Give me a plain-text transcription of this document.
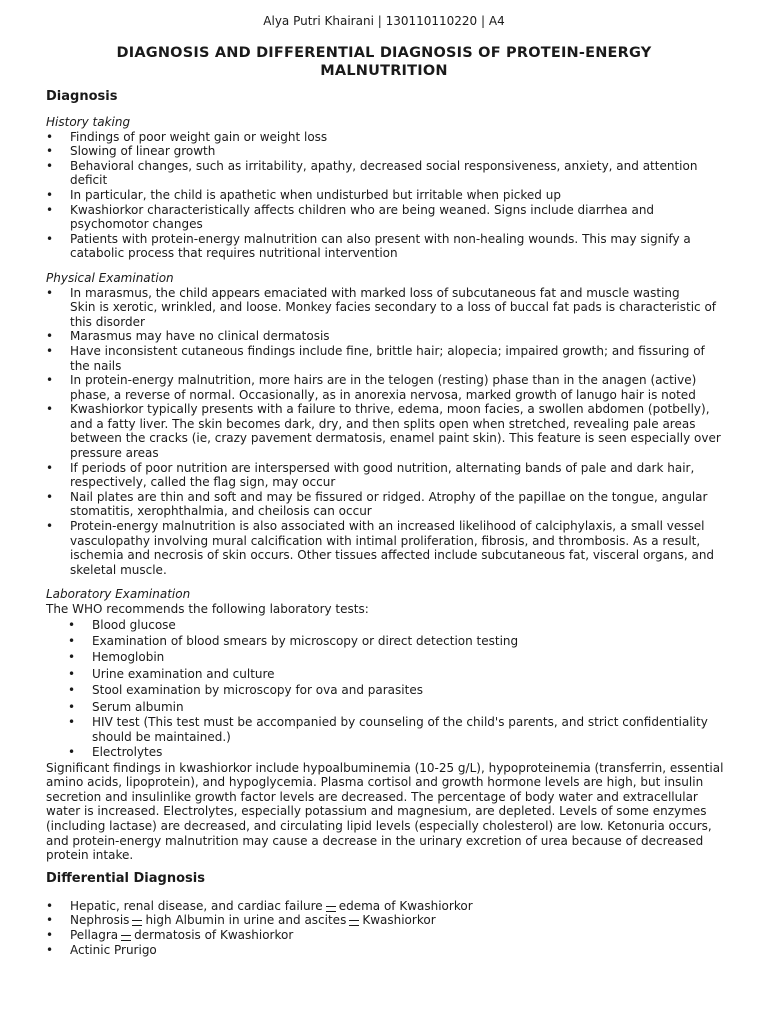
Alya Putri Khairani | 130110110220 | A4
DIAGNOSIS AND DIFFERENTIAL DIAGNOSIS OF PROTEIN-ENERGY
MALNUTRITION
Diagnosis
History taking
• Findings of poor weight gain or weight loss
• Slowing of linear growth
• Behavioral changes, such as irritability, apathy, decreased social responsiveness, anxiety, and attention deficit
• In particular, the child is apathetic when undisturbed but irritable when picked up
• Kwashiorkor characteristically affects children who are being weaned. Signs include diarrhea and psychomotor changes
• Patients with protein-energy malnutrition can also present with non-healing wounds. This may signify a catabolic process that requires nutritional intervention
Physical Examination
• In marasmus, the child appears emaciated with marked loss of subcutaneous fat and muscle wasting
Skin is xerotic, wrinkled, and loose. Monkey facies secondary to a loss of buccal fat pads is characteristic of this disorder
• Marasmus may have no clinical dermatosis
• Have inconsistent cutaneous findings include fine, brittle hair; alopecia; impaired growth; and fissuring of the nails
• In protein-energy malnutrition, more hairs are in the telogen (resting) phase than in the anagen (active) phase, a reverse of normal. Occasionally, as in anorexia nervosa, marked growth of lanugo hair is noted
• Kwashiorkor typically presents with a failure to thrive, edema, moon facies, a swollen abdomen (potbelly), and a fatty liver. The skin becomes dark, dry, and then splits open when stretched, revealing pale areas between the cracks (ie, crazy pavement dermatosis, enamel paint skin). This feature is seen especially over pressure areas
• If periods of poor nutrition are interspersed with good nutrition, alternating bands of pale and dark hair, respectively, called the flag sign, may occur
• Nail plates are thin and soft and may be fissured or ridged. Atrophy of the papillae on the tongue, angular stomatitis, xerophthalmia, and cheilosis can occur
• Protein-energy malnutrition is also associated with an increased likelihood of calciphylaxis, a small vessel vasculopathy involving mural calcification with intimal proliferation, fibrosis, and thrombosis. As a result, ischemia and necrosis of skin occurs. Other tissues affected include subcutaneous fat, visceral organs, and skeletal muscle.
Laboratory Examination

The WHO recommends the following laboratory tests:

• Blood glucose
• Examination of blood smears by microscopy or direct detection testing
• Hemoglobin
• Urine examination and culture
• Stool examination by microscopy for ova and parasites
• Serum albumin
• HIV test (This test must be accompanied by counseling of the child's parents, and strict confidentiality should be maintained.)
• Electrolytes

Significant findings in kwashiorkor include hypoalbuminemia (10-25 g/L), hypoproteinemia (transferrin, essential amino acids, lipoprotein), and hypoglycemia. Plasma cortisol and growth hormone levels are high, but insulin secretion and insulinlike growth factor levels are decreased. The percentage of body water and extracellular water is increased. Electrolytes, especially potassium and magnesium, are depleted. Levels of some enzymes (including lactase) are decreased, and circulating lipid levels (especially cholesterol) are low. Ketonuria occurs, and protein-energy malnutrition may cause a decrease in the urinary excretion of urea because of decreased protein intake.

Differential Diagnosis
• Hepatic, renal disease, and cardiac failure edema of Kwashiorkor
• Nephrosis high Albumin in urine and ascites Kwashiorkor
• Pellagra dermatosis of Kwashiorkor
• Actinic Prurigo
